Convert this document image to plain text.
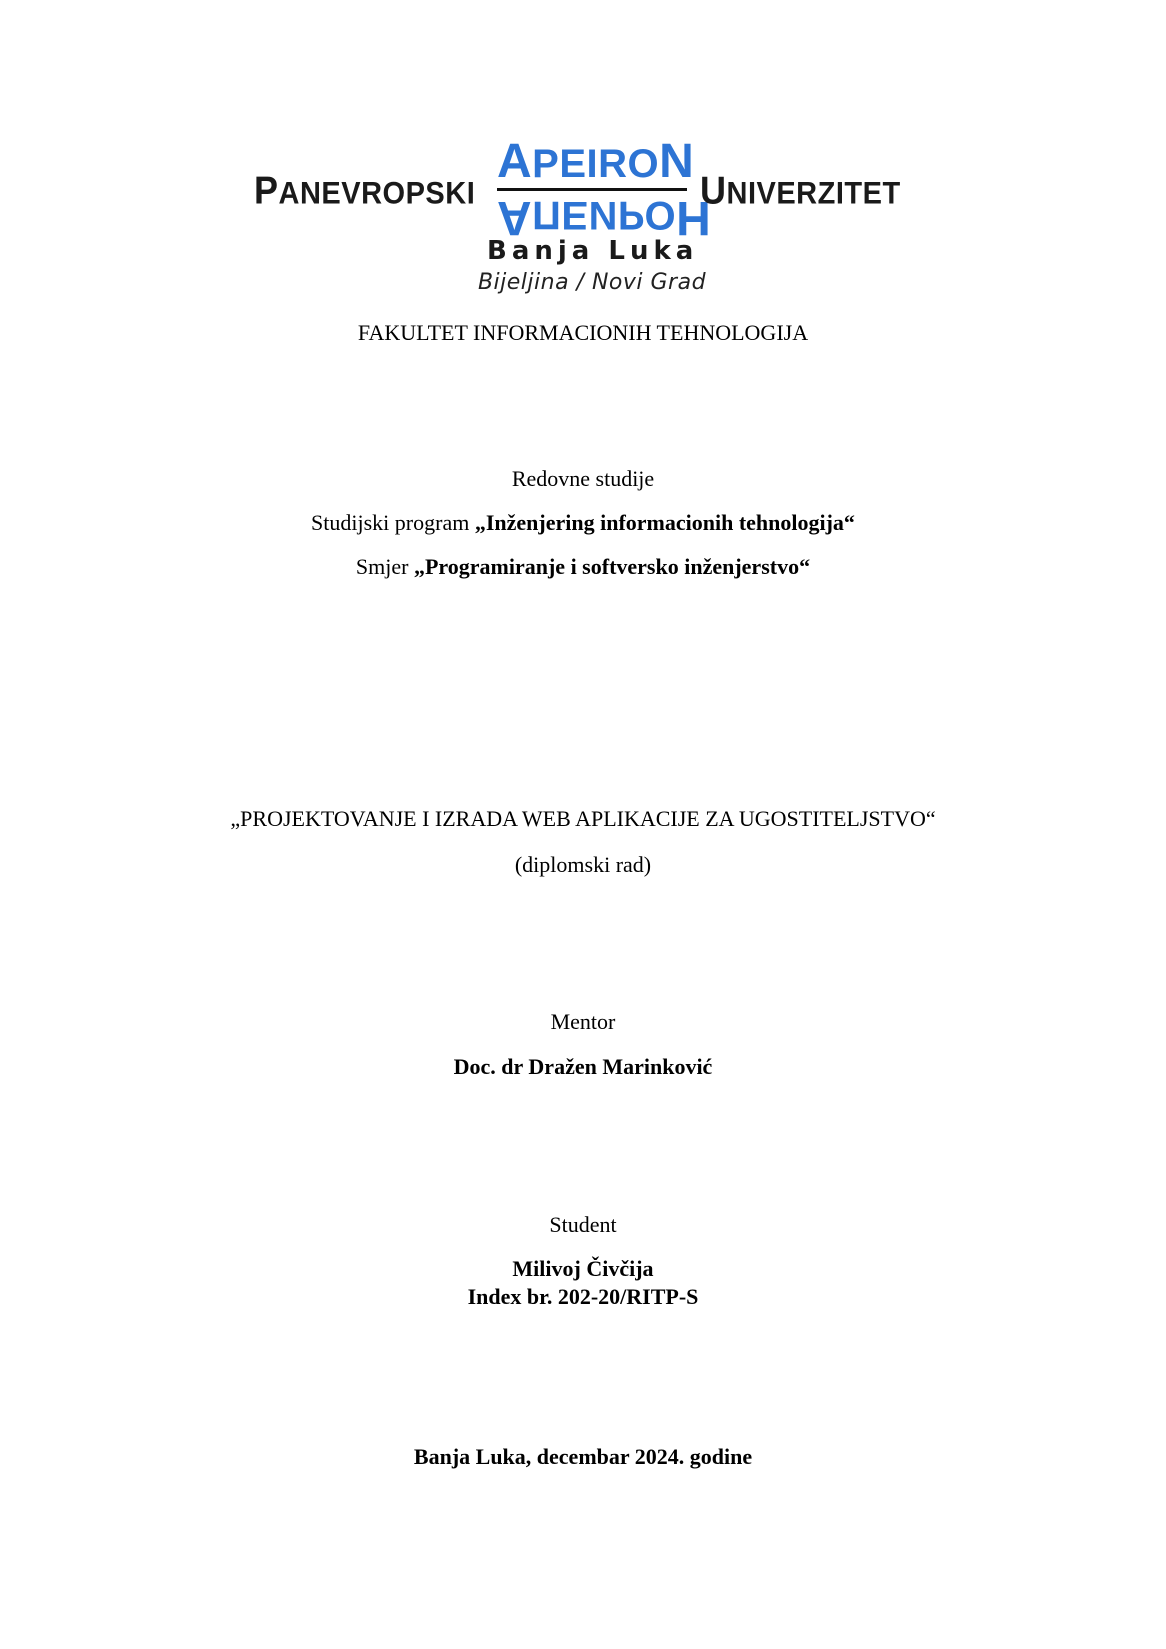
PANEVROPSKI
APEIRON
AПЕИРОН
UNIVERZITET
Banja Luka
Bijeljina / Novi Grad
FAKULTET INFORMACIONIH TEHNOLOGIJA
Redovne studije
Studijski program „Inženjering informacionih tehnologija“
Smjer „Programiranje i softversko inženjerstvo“
„PROJEKTOVANJE I IZRADA WEB APLIKACIJE ZA UGOSTITELJSTVO“
(diplomski rad)
Mentor
Doc. dr Dražen Marinković
Student
Milivoj Čivčija
Index br. 202-20/RITP-S
Banja Luka, decembar 2024. godine
